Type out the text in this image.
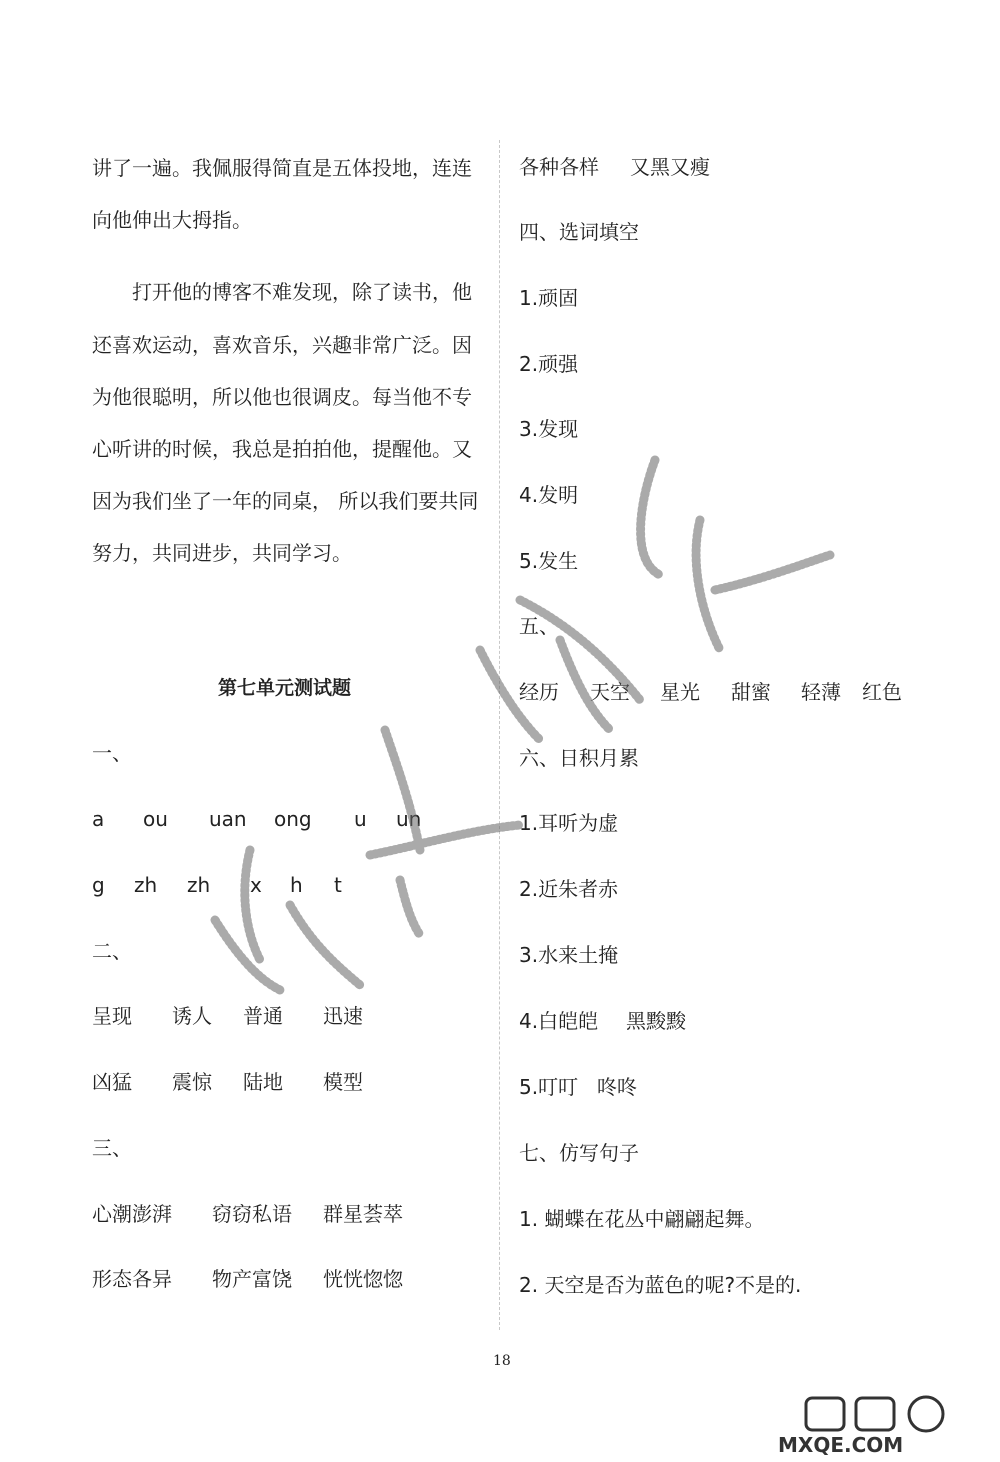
讲了一遍。我佩服得简直是五体投地，连连
向他伸出大拇指。
打开他的博客不难发现，除了读书，他
还喜欢运动，喜欢音乐，兴趣非常广泛。因
为他很聪明，所以他也很调皮。每当他不专
心听讲的时候，我总是拍拍他，提醒他。又
因为我们坐了一年的同桌， 所以我们要共同
努力，共同进步，共同学习。
第七单元测试题
一、
a ou uan ong u un
g zh zh x h t
二、
呈现 诱人 普通 迅速
凶猛 震惊 陆地 模型
三、
心潮澎湃 窃窃私语 群星荟萃
形态各异 物产富饶 恍恍惚惚
各种各样 又黑又瘦
四、选词填空
1.顽固
2.顽强
3.发现
4.发明
5.发生
五、
经历 天空 星光 甜蜜 轻薄 红色
六、日积月累
1.耳听为虚
2.近朱者赤
3.水来土掩
4.白皑皑 黑黢黢
5.叮叮 咚咚
七、仿写句子
1. 蝴蝶在花丛中翩翩起舞。
2. 天空是否为蓝色的呢?不是的.
18
MXQE.COM
